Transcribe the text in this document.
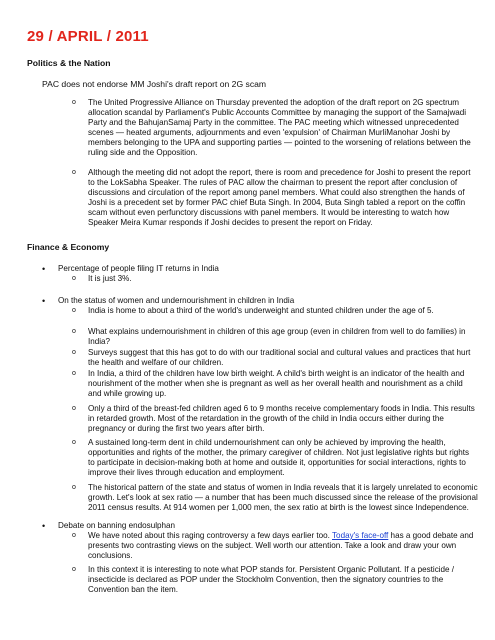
29 / APRIL / 2011
Politics & the Nation
PAC does not endorse MM Joshi's draft report on 2G scam
o The United Progressive Alliance on Thursday prevented the adoption of the draft report on 2G spectrum allocation scandal by Parliament's Public Accounts Committee by managing the support of the Samajwadi Party and the BahujanSamaj Party in the committee. The PAC meeting which witnessed unprecedented scenes — heated arguments, adjournments and even 'expulsion' of Chairman MurliManohar Joshi by members belonging to the UPA and supporting parties — pointed to the worsening of relations between the ruling side and the Opposition.
o Although the meeting did not adopt the report, there is room and precedence for Joshi to present the report to the LokSabha Speaker. The rules of PAC allow the chairman to present the report after conclusion of discussions and circulation of the report among panel members. What could also strengthen the hands of Joshi is a precedent set by former PAC chief Buta Singh. In 2004, Buta Singh tabled a report on the coffin scam without even perfunctory discussions with panel members. It would be interesting to watch how Speaker Meira Kumar responds if Joshi decides to present the report on Friday.
Finance & Economy
• Percentage of people filing IT returns in India
o It is just 3%.
• On the status of women and undernourishment in children in India
o India is home to about a third of the world's underweight and stunted children under the age of 5.
o What explains undernourishment in children of this age group (even in children from well to do families) in India?
o Surveys suggest that this has got to do with our traditional social and cultural values and practices that hurt the health and welfare of our children.
o In India, a third of the children have low birth weight. A child's birth weight is an indicator of the health and nourishment of the mother when she is pregnant as well as her overall health and nourishment as a child and while growing up.
o Only a third of the breast-fed children aged 6 to 9 months receive complementary foods in India. This results in retarded growth. Most of the retardation in the growth of the child in India occurs either during the pregnancy or during the first two years after birth.
o A sustained long-term dent in child undernourishment can only be achieved by improving the health, opportunities and rights of the mother, the primary caregiver of children. Not just legislative rights but rights to participate in decision-making both at home and outside it, opportunities for social interactions, rights to improve their lives through education and employment.
o The historical pattern of the state and status of women in India reveals that it is largely unrelated to economic growth. Let's look at sex ratio — a number that has been much discussed since the release of the provisional 2011 census results. At 914 women per 1,000 men, the sex ratio at birth is the lowest since Independence.
• Debate on banning endosulphan
o We have noted about this raging controversy a few days earlier too. Today's face-off has a good debate and presents two contrasting views on the subject. Well worth our attention. Take a look and draw your own conclusions.
o In this context it is interesting to note what POP stands for. Persistent Organic Pollutant. If a pesticide / insecticide is declared as POP under the Stockholm Convention, then the signatory countries to the Convention ban the item.
